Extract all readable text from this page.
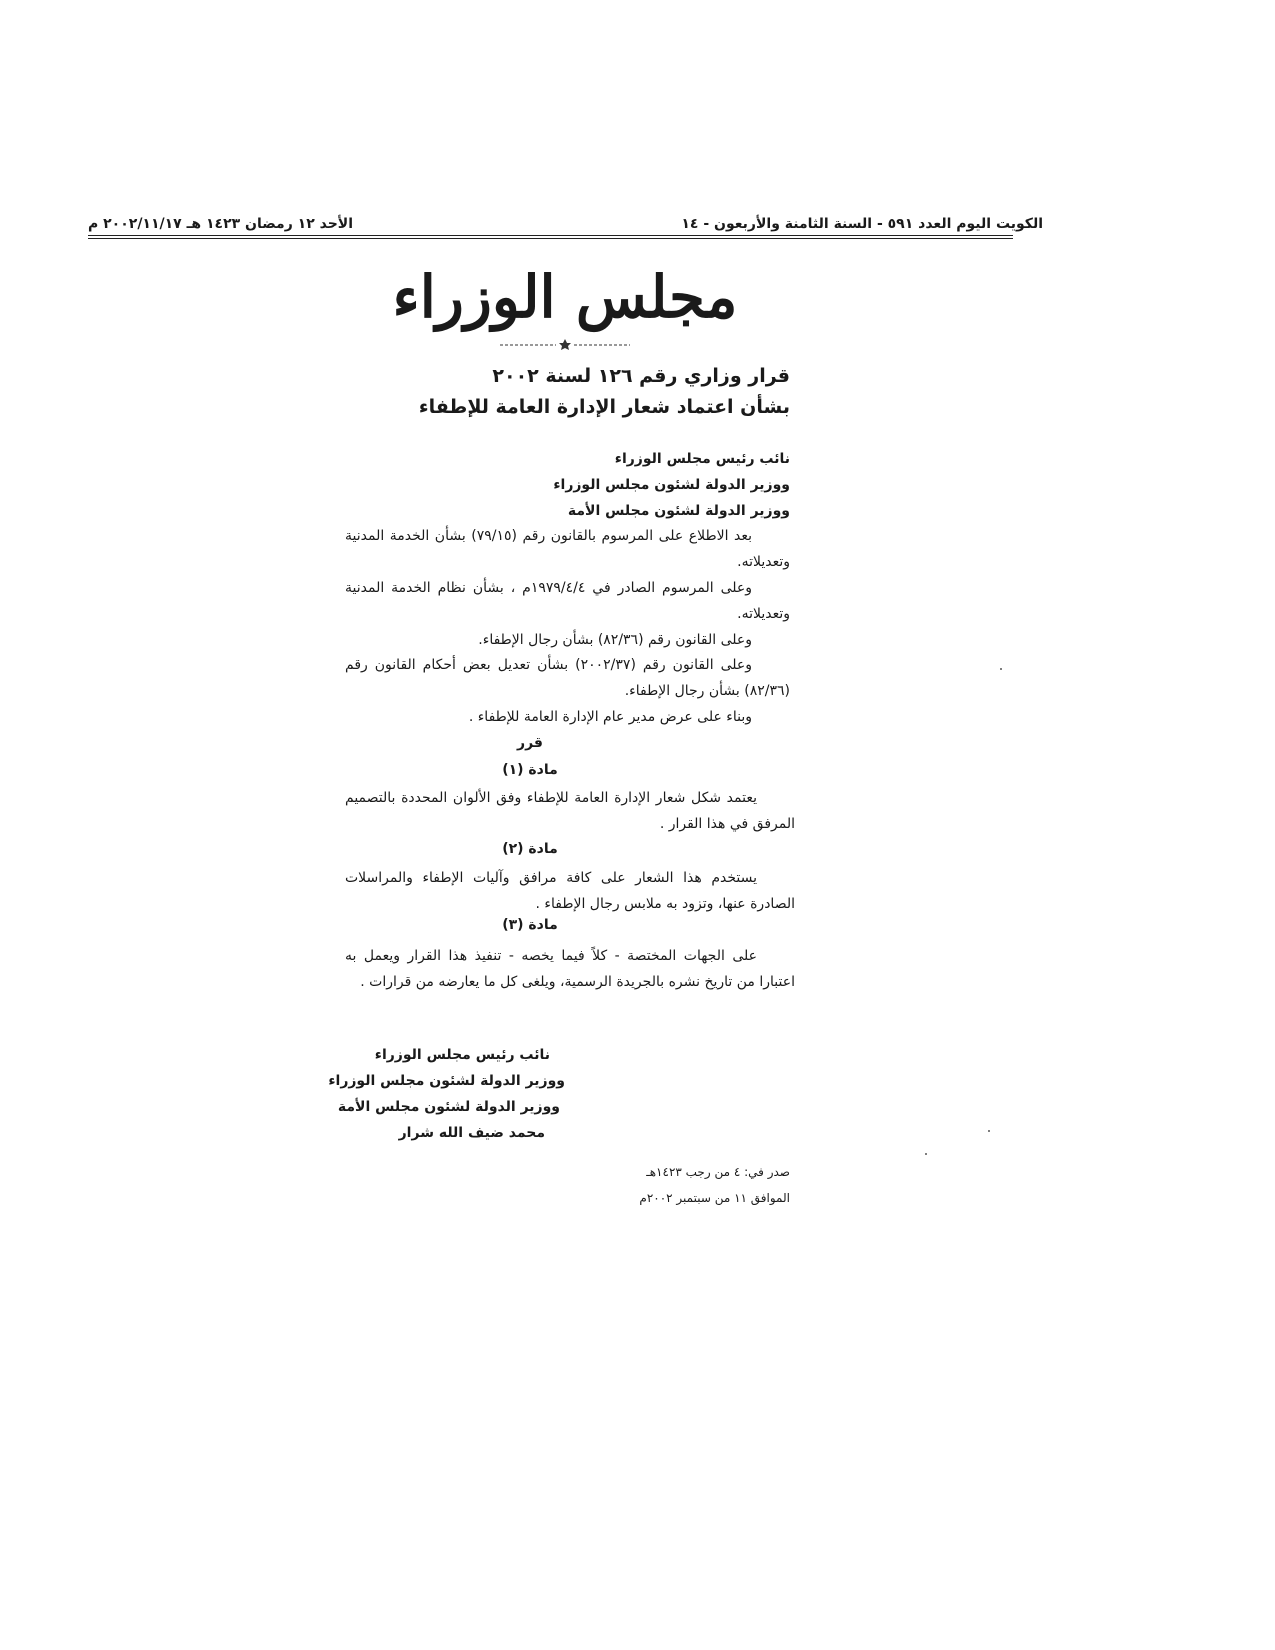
الكويت اليوم العدد ٥٩١ - السنة الثامنة والأربعون - ١٤
الأحد ١٢ رمضان ١٤٢٣ هـ ٢٠٠٢/١١/١٧ م
مجلس الوزراء
قرار وزاري رقم ١٢٦ لسنة ٢٠٠٢
بشأن اعتماد شعار الإدارة العامة للإطفاء
نائب رئيس مجلس الوزراء
ووزير الدولة لشئون مجلس الوزراء
ووزير الدولة لشئون مجلس الأمة
بعد الاطلاع على المرسوم بالقانون رقم (٧٩/١٥) بشأن الخدمة المدنية وتعديلاته.
وعلى المرسوم الصادر في ١٩٧٩/٤/٤م ، بشأن نظام الخدمة المدنية وتعديلاته.
وعلى القانون رقم (٨٢/٣٦) بشأن رجال الإطفاء.
وعلى القانون رقم (٢٠٠٢/٣٧) بشأن تعديل بعض أحكام القانون رقم (٨٢/٣٦) بشأن رجال الإطفاء.
وبناء على عرض مدير عام الإدارة العامة للإطفاء .
قرر
مادة (١)
يعتمد شكل شعار الإدارة العامة للإطفاء وفق الألوان المحددة بالتصميم المرفق في هذا القرار .
مادة (٢)
يستخدم هذا الشعار على كافة مرافق وآليات الإطفاء والمراسلات الصادرة عنها، وتزود به ملابس رجال الإطفاء .
مادة (٣)
على الجهات المختصة - كلاً فيما يخصه - تنفيذ هذا القرار ويعمل به اعتبارا من تاريخ نشره بالجريدة الرسمية، ويلغى كل ما يعارضه من قرارات .
نائب رئيس مجلس الوزراء
ووزير الدولة لشئون مجلس الوزراء
ووزير الدولة لشئون مجلس الأمة
محمد ضيف الله شرار
صدر في: ٤ من رجب ١٤٢٣هـ
الموافق ١١ من سبتمبر ٢٠٠٢م
